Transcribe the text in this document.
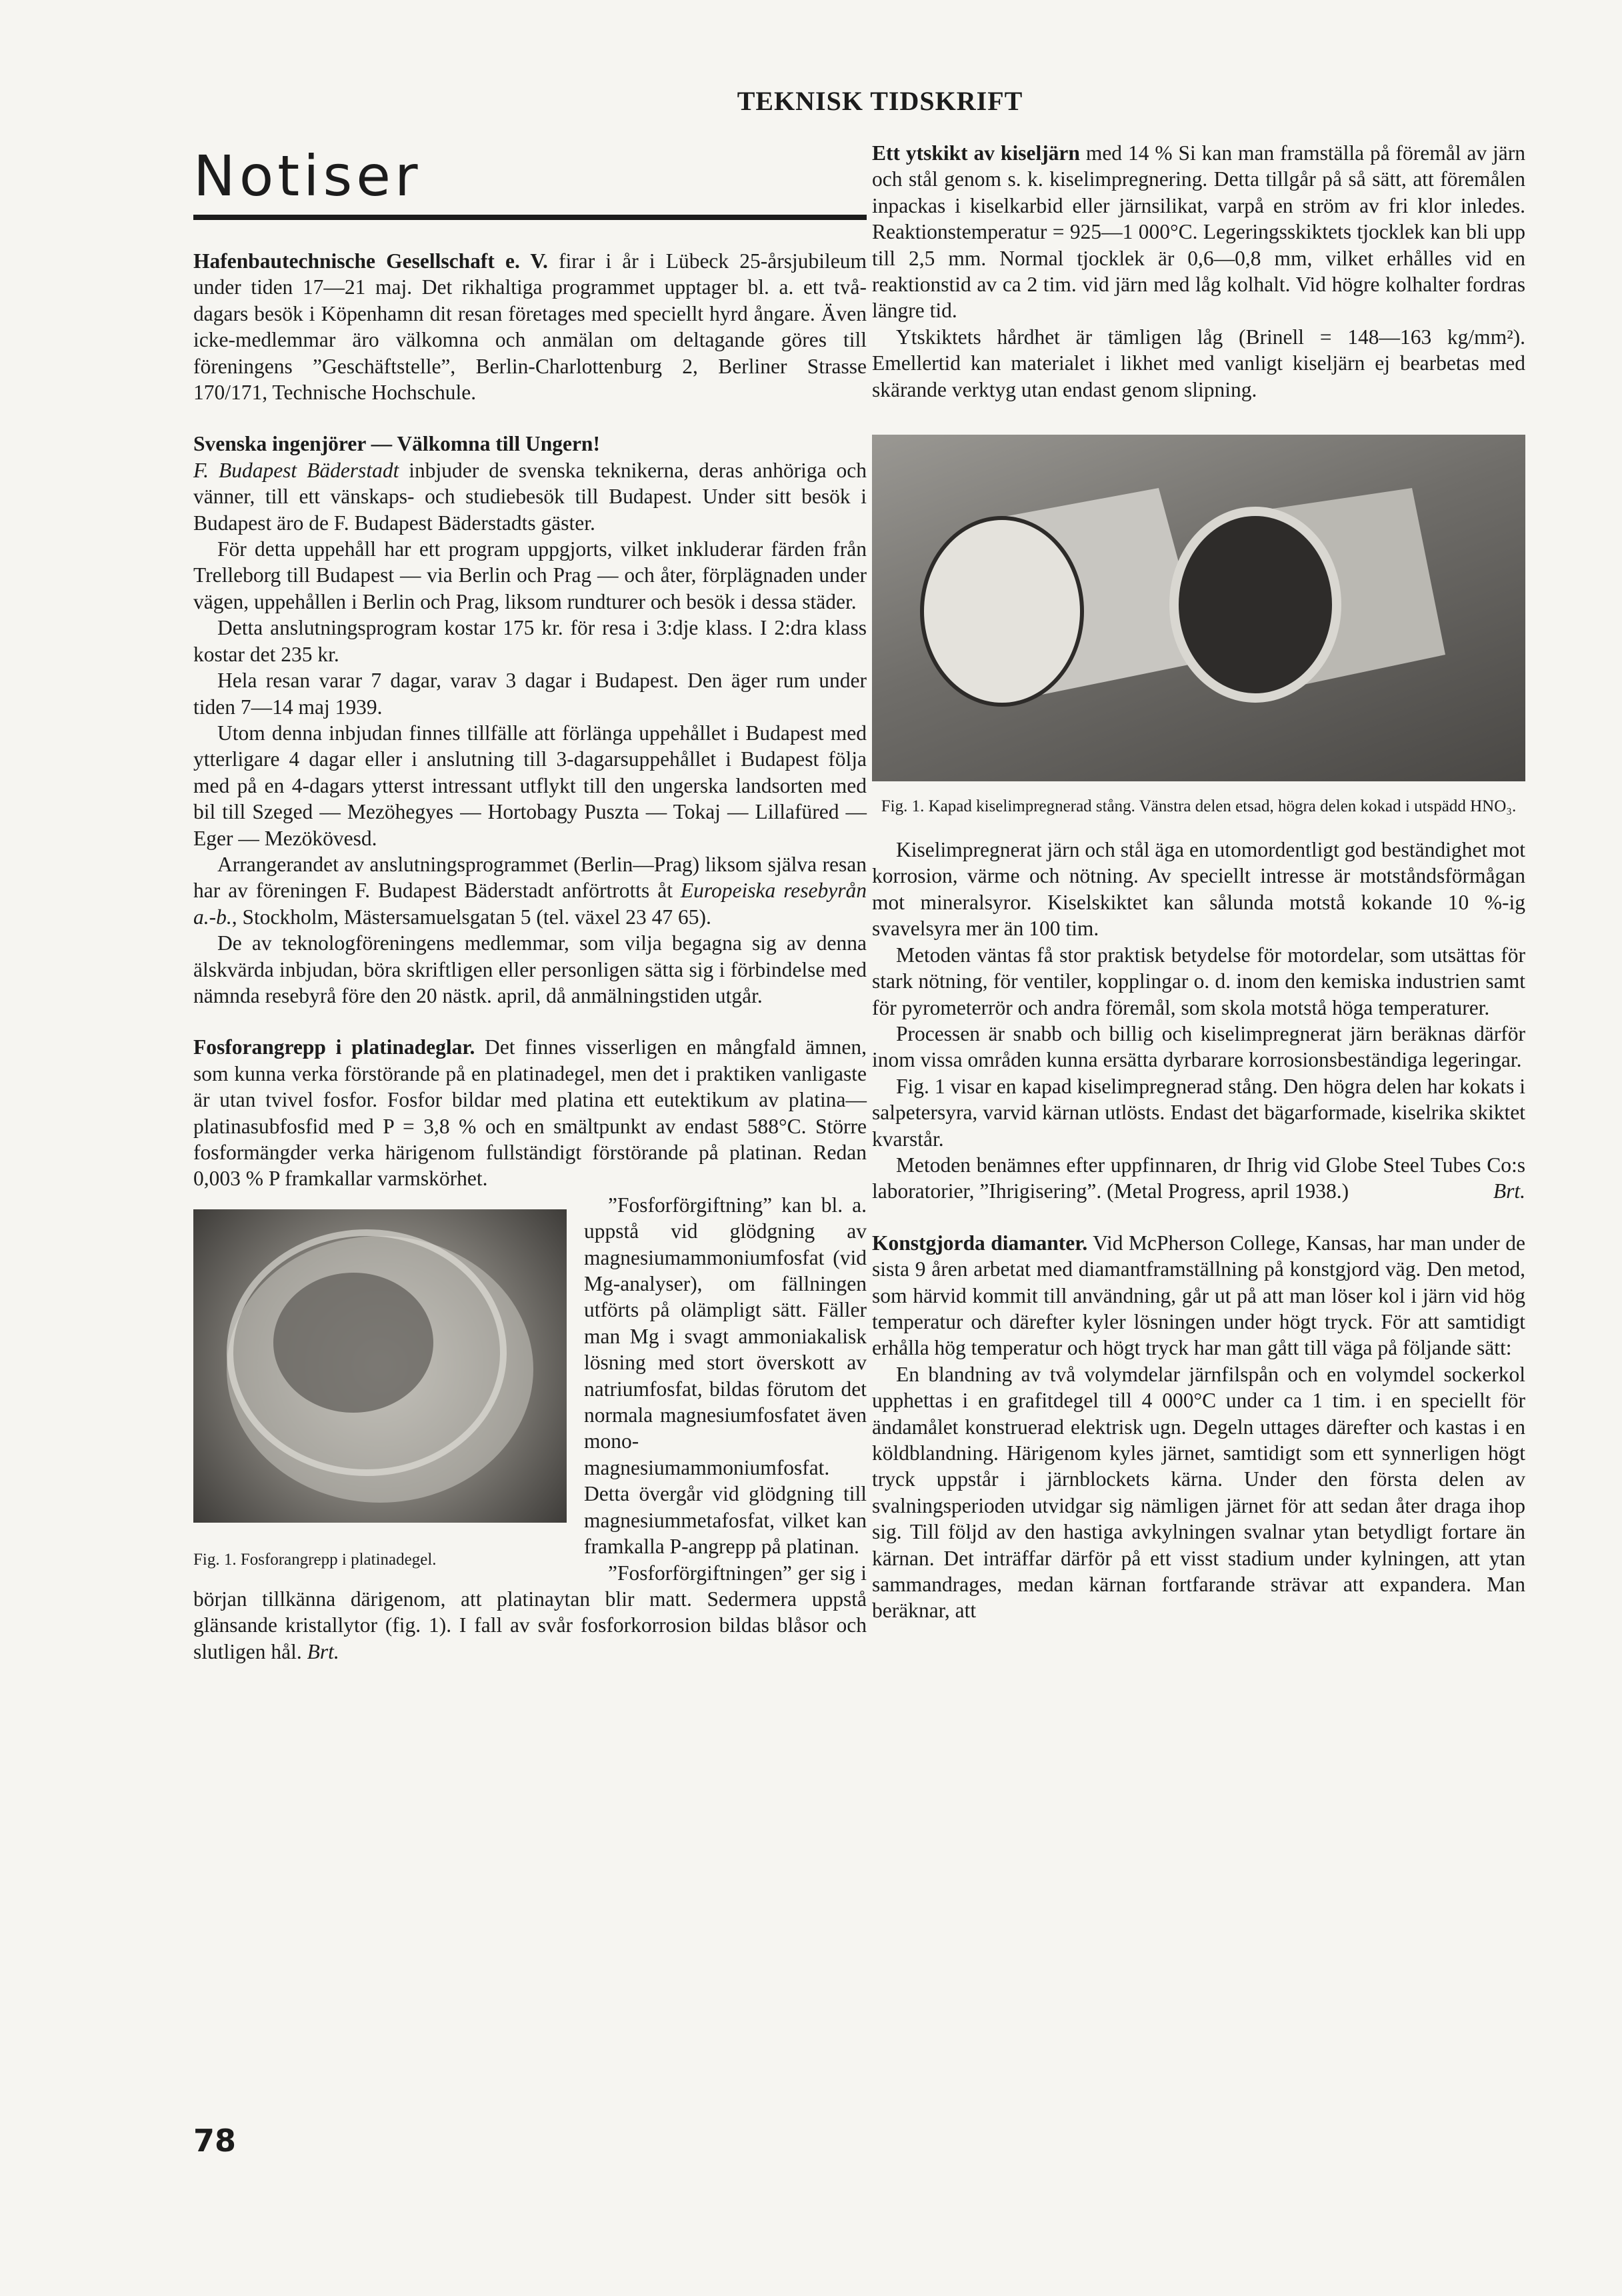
TEKNISK TIDSKRIFT
Notiser

Hafenbautechnische Gesellschaft e. V. firar i år i Lübeck 25-årsjubileum under tiden 17—21 maj. Det rikhaltiga programmet upptager bl. a. ett två-dagars besök i Köpenhamn dit resan företages med speciellt hyrd ångare. Även icke-medlemmar äro välkomna och anmälan om deltagande göres till föreningens ”Geschäftstelle”, Berlin-Charlottenburg 2, Berliner Strasse 170/171, Technische Hochschule.

Svenska ingenjörer — Välkomna till Ungern!

F. Budapest Bäderstadt inbjuder de svenska teknikerna, deras anhöriga och vänner, till ett vänskaps- och studiebesök till Budapest. Under sitt besök i Budapest äro de F. Budapest Bäderstadts gäster.

För detta uppehåll har ett program uppgjorts, vilket inkluderar färden från Trelleborg till Budapest — via Berlin och Prag — och åter, förplägnaden under vägen, uppehållen i Berlin och Prag, liksom rundturer och besök i dessa städer.

Detta anslutningsprogram kostar 175 kr. för resa i 3:dje klass. I 2:dra klass kostar det 235 kr.

Hela resan varar 7 dagar, varav 3 dagar i Budapest. Den äger rum under tiden 7—14 maj 1939.

Utom denna inbjudan finnes tillfälle att förlänga uppehållet i Budapest med ytterligare 4 dagar eller i anslutning till 3-dagarsuppehållet i Budapest följa med på en 4-dagars ytterst intressant utflykt till den ungerska landsorten med bil till Szeged — Mezöhegyes — Hortobagy Puszta — Tokaj — Lillafüred — Eger — Mezökövesd.

Arrangerandet av anslutningsprogrammet (Berlin—Prag) liksom själva resan har av föreningen F. Budapest Bäderstadt anförtrotts åt Europeiska resebyrån a.-b., Stockholm, Mästersamuelsgatan 5 (tel. växel 23 47 65).

De av teknologföreningens medlemmar, som vilja begagna sig av denna älskvärda inbjudan, böra skriftligen eller personligen sätta sig i förbindelse med nämnda resebyrå före den 20 nästk. april, då anmälningstiden utgår.

Fosforangrepp i platinadeglar. Det finnes visserligen en mångfald ämnen, som kunna verka förstörande på en platinadegel, men det i praktiken vanligaste är utan tvivel fosfor. Fosfor bildar med platina ett eutektikum av platina—platinasubfosfid med P = 3,8 % och en smältpunkt av endast 588°C. Större fosformängder verka härigenom fullständigt förstörande på platinan. Redan 0,003 % P framkallar varmskörhet.

Fig. 1. Fosforangrepp i platinadegel.

”Fosforförgiftning” kan bl. a. uppstå vid glödgning av magnesiumammoniumfosfat (vid Mg-analyser), om fällningen utförts på olämpligt sätt. Fäller man Mg i svagt ammoniakalisk lösning med stort överskott av natriumfosfat, bildas förutom det normala magnesiumfosfatet även mono-magnesiumammoniumfosfat. Detta övergår vid glödgning till magnesiummetafosfat, vilket kan framkalla P-angrepp på platinan.

”Fosforförgiftningen” ger sig i början tillkänna därigenom, att platinaytan blir matt. Sedermera uppstå glänsande kristallytor (fig. 1). I fall av svår fosforkorrosion bildas blåsor och slutligen hål. Brt.

Ett ytskikt av kiseljärn med 14 % Si kan man framställa på föremål av järn och stål genom s. k. kiselimpregnering. Detta tillgår på så sätt, att föremålen inpackas i kiselkarbid eller järnsilikat, varpå en ström av fri klor inledes. Reaktionstemperatur = 925—1 000°C. Legeringsskiktets tjocklek kan bli upp till 2,5 mm. Normal tjocklek är 0,6—0,8 mm, vilket erhålles vid en reaktionstid av ca 2 tim. vid järn med låg kolhalt. Vid högre kolhalter fordras längre tid.

Ytskiktets hårdhet är tämligen låg (Brinell = 148—163 kg/mm²). Emellertid kan materialet i likhet med vanligt kiseljärn ej bearbetas med skärande verktyg utan endast genom slipning.

Fig. 1. Kapad kiselimpregnerad stång. Vänstra delen etsad, högra delen kokad i utspädd HNO₃.

Kiselimpregnerat järn och stål äga en utomordentligt god beständighet mot korrosion, värme och nötning. Av speciellt intresse är motståndsförmågan mot mineralsyror. Kiselskiktet kan sålunda motstå kokande 10 %-ig svavelsyra mer än 100 tim.

Metoden väntas få stor praktisk betydelse för motordelar, som utsättas för stark nötning, för ventiler, kopplingar o. d. inom den kemiska industrien samt för pyrometerrör och andra föremål, som skola motstå höga temperaturer.

Processen är snabb och billig och kiselimpregnerat järn beräknas därför inom vissa områden kunna ersätta dyrbarare korrosionsbeständiga legeringar.

Fig. 1 visar en kapad kiselimpregnerad stång. Den högra delen har kokats i salpetersyra, varvid kärnan utlösts. Endast det bägarformade, kiselrika skiktet kvarstår.

Metoden benämnes efter uppfinnaren, dr Ihrig vid Globe Steel Tubes Co:s laboratorier, ”Ihrigisering”. (Metal Progress, april 1938.)	Brt.

Konstgjorda diamanter. Vid McPherson College, Kansas, har man under de sista 9 åren arbetat med diamantframställning på konstgjord väg. Den metod, som härvid kommit till användning, går ut på att man löser kol i järn vid hög temperatur och därefter kyler lösningen under högt tryck. För att samtidigt erhålla hög temperatur och högt tryck har man gått till väga på följande sätt:

En blandning av två volymdelar järnfilspån och en volymdel sockerkol upphettas i en grafitdegel till 4 000°C under ca 1 tim. i en speciellt för ändamålet konstruerad elektrisk ugn. Degeln uttages därefter och kastas i en köldblandning. Härigenom kyles järnet, samtidigt som ett synnerligen högt tryck uppstår i järnblockets kärna. Under den första delen av svalningsperioden utvidgar sig nämligen järnet för att sedan åter draga ihop sig. Till följd av den hastiga avkylningen svalnar ytan betydligt fortare än kärnan. Det inträffar därför på ett visst stadium under kylningen, att ytan sammandrages, medan kärnan fortfarande strävar att expandera. Man beräknar, att

78
